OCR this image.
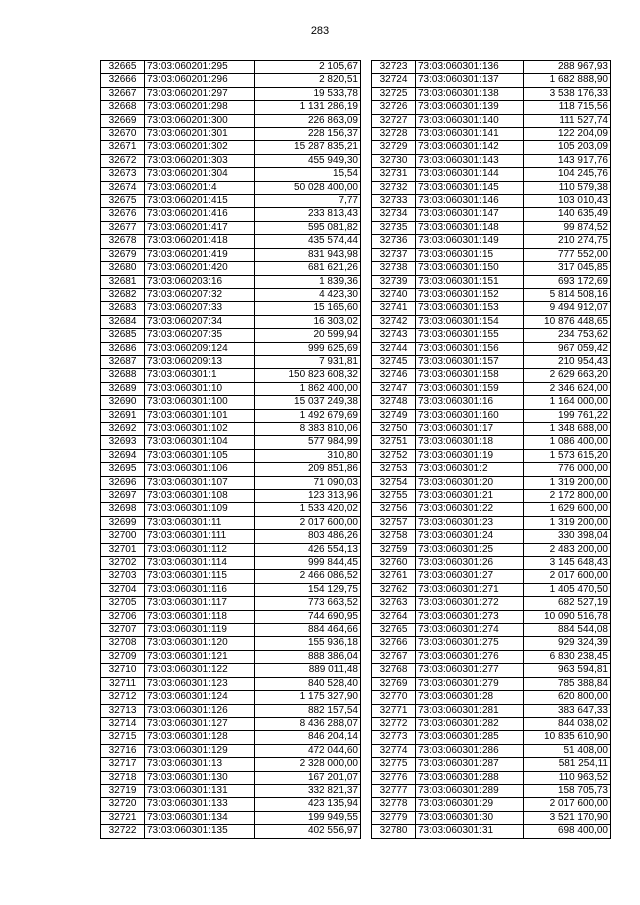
283
32665	73:03:060201:295	2 105,67
32666	73:03:060201:296	2 820,51
32667	73:03:060201:297	19 533,78
32668	73:03:060201:298	1 131 286,19
32669	73:03:060201:300	226 863,09
32670	73:03:060201:301	228 156,37
32671	73:03:060201:302	15 287 835,21
32672	73:03:060201:303	455 949,30
32673	73:03:060201:304	15,54
32674	73:03:060201:4	50 028 400,00
32675	73:03:060201:415	7,77
32676	73:03:060201:416	233 813,43
32677	73:03:060201:417	595 081,82
32678	73:03:060201:418	435 574,44
32679	73:03:060201:419	831 943,98
32680	73:03:060201:420	681 621,26
32681	73:03:060203:16	1 839,36
32682	73:03:060207:32	4 423,30
32683	73:03:060207:33	15 165,60
32684	73:03:060207:34	16 303,02
32685	73:03:060207:35	20 599,94
32686	73:03:060209:124	999 625,69
32687	73:03:060209:13	7 931,81
32688	73:03:060301:1	150 823 608,32
32689	73:03:060301:10	1 862 400,00
32690	73:03:060301:100	15 037 249,38
32691	73:03:060301:101	1 492 679,69
32692	73:03:060301:102	8 383 810,06
32693	73:03:060301:104	577 984,99
32694	73:03:060301:105	310,80
32695	73:03:060301:106	209 851,86
32696	73:03:060301:107	71 090,03
32697	73:03:060301:108	123 313,96
32698	73:03:060301:109	1 533 420,02
32699	73:03:060301:11	2 017 600,00
32700	73:03:060301:111	803 486,26
32701	73:03:060301:112	426 554,13
32702	73:03:060301:114	999 844,45
32703	73:03:060301:115	2 466 086,52
32704	73:03:060301:116	154 129,75
32705	73:03:060301:117	773 663,52
32706	73:03:060301:118	744 690,95
32707	73:03:060301:119	884 464,66
32708	73:03:060301:120	155 936,18
32709	73:03:060301:121	888 386,04
32710	73:03:060301:122	889 011,48
32711	73:03:060301:123	840 528,40
32712	73:03:060301:124	1 175 327,90
32713	73:03:060301:126	882 157,54
32714	73:03:060301:127	8 436 288,07
32715	73:03:060301:128	846 204,14
32716	73:03:060301:129	472 044,60
32717	73:03:060301:13	2 328 000,00
32718	73:03:060301:130	167 201,07
32719	73:03:060301:131	332 821,37
32720	73:03:060301:133	423 135,94
32721	73:03:060301:134	199 949,55
32722	73:03:060301:135	402 556,97
32723	73:03:060301:136	288 967,93
32724	73:03:060301:137	1 682 888,90
32725	73:03:060301:138	3 538 176,33
32726	73:03:060301:139	118 715,56
32727	73:03:060301:140	111 527,74
32728	73:03:060301:141	122 204,09
32729	73:03:060301:142	105 203,09
32730	73:03:060301:143	143 917,76
32731	73:03:060301:144	104 245,76
32732	73:03:060301:145	110 579,38
32733	73:03:060301:146	103 010,43
32734	73:03:060301:147	140 635,49
32735	73:03:060301:148	99 874,52
32736	73:03:060301:149	210 274,75
32737	73:03:060301:15	777 552,00
32738	73:03:060301:150	317 045,85
32739	73:03:060301:151	693 172,69
32740	73:03:060301:152	5 814 508,16
32741	73:03:060301:153	9 494 912,07
32742	73:03:060301:154	10 876 448,65
32743	73:03:060301:155	234 753,62
32744	73:03:060301:156	967 059,42
32745	73:03:060301:157	210 954,43
32746	73:03:060301:158	2 629 663,20
32747	73:03:060301:159	2 346 624,00
32748	73:03:060301:16	1 164 000,00
32749	73:03:060301:160	199 761,22
32750	73:03:060301:17	1 348 688,00
32751	73:03:060301:18	1 086 400,00
32752	73:03:060301:19	1 573 615,20
32753	73:03:060301:2	776 000,00
32754	73:03:060301:20	1 319 200,00
32755	73:03:060301:21	2 172 800,00
32756	73:03:060301:22	1 629 600,00
32757	73:03:060301:23	1 319 200,00
32758	73:03:060301:24	330 398,04
32759	73:03:060301:25	2 483 200,00
32760	73:03:060301:26	3 145 648,43
32761	73:03:060301:27	2 017 600,00
32762	73:03:060301:271	1 405 470,50
32763	73:03:060301:272	682 527,19
32764	73:03:060301:273	10 090 516,78
32765	73:03:060301:274	884 544,08
32766	73:03:060301:275	929 324,39
32767	73:03:060301:276	6 830 238,45
32768	73:03:060301:277	963 594,81
32769	73:03:060301:279	785 388,84
32770	73:03:060301:28	620 800,00
32771	73:03:060301:281	383 647,33
32772	73:03:060301:282	844 038,02
32773	73:03:060301:285	10 835 610,90
32774	73:03:060301:286	51 408,00
32775	73:03:060301:287	581 254,11
32776	73:03:060301:288	110 963,52
32777	73:03:060301:289	158 705,73
32778	73:03:060301:29	2 017 600,00
32779	73:03:060301:30	3 521 170,90
32780	73:03:060301:31	698 400,00
